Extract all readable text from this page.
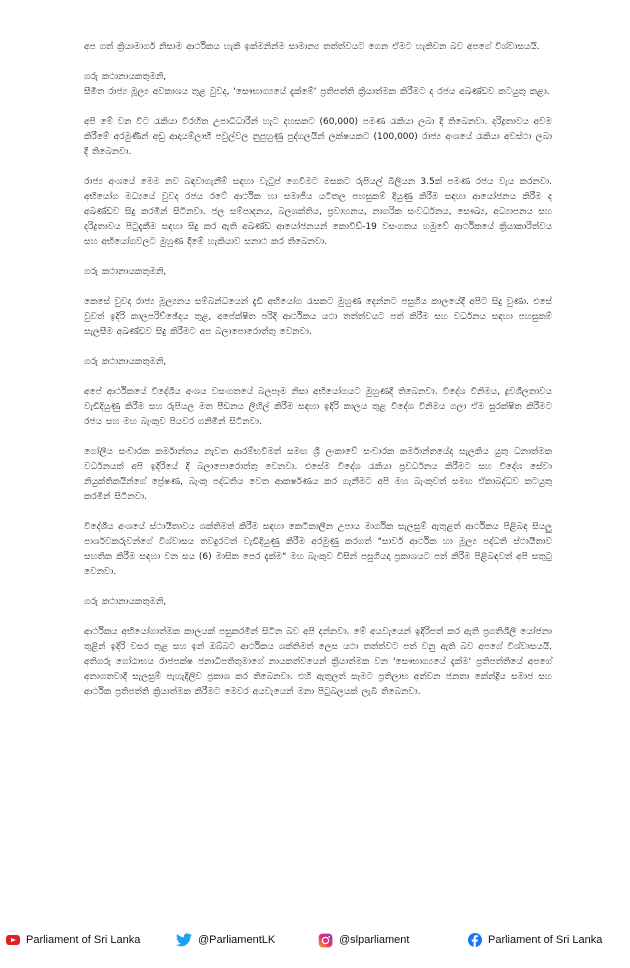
අප ගත් ක්‍රියාමාර්ග නිසාම ආර්ථිකය හැකි ඉක්මනින්ම සාමාන්‍ය තත්ත්වයට ගෙන ඒමට හැකිවන බව අපගේ විශ්වාසයයි.

ගරු කථානායකතුමනි,
සීමිත රාජ්‍ය මූල්‍ය අවකාශය තුළ වුවද, 'සෞභාග්‍යයේ දැක්මේ' ප්‍රතිපත්ති ක්‍රියාත්මක කිරීමට ද රජය අඛණ්ඩව කටයුතු කළා.

අපි මේ වන විට රැකියා විරහිත උපාධිධාරීන් හැට දහසකට (60,000) පමණ රැකියා ලබා දී තිබෙනවා. දරිද්‍රතාවය අවම කිරීමේ අරමුණින් අඩු ආදායම්ලාභී පවුල්වල නුපුහුණු පුද්ගලයින් ලක්ෂයකට (100,000) රාජ්‍ය අංශයේ රැකියා අවස්ථා ලබා දී තිබෙනවා.

රාජ්‍ය අංශයේ මෙම නව බඳවාගැනීම් සඳහා වැටුප් ගෙවීමට මසකට රුපියල් බිලියන 3.5ක් පමණ රජය වැය කරනවා. අභියෝග මධ්‍යයේ වුවද රජය රටේ ආර්ථික හා සමාජීය යටිතල පහසුකම් දියුණු කිරීම සඳහා ආයෝජනය කිරීම ද අඛණ්ඩව සිදු කරමින් සිටිනවා. ජල සම්පාදනය, බලශක්තිය, ප්‍රවාහනය, නාගරික සංවර්ධනය, සෞඛ්‍ය, අධ්‍යාපනය සහ දරිද්‍රතාවය පිටුදැකීම සඳහා සිදු කර ඇති අඛණ්ඩ ආයෝජනයන් කොවිඩ්-19 වසංගතය හමුවේ ආර්ථිකයේ ක්‍රියාකාරිත්වය සහ අභියෝගවලට මුහුණ දීමේ හැකියාව සනාථ කර තිබෙනවා.

ගරු කථානායකතුමනි,

කෙසේ වුවද රාජ්‍ය මූල්‍යනය සම්බන්ධයෙන් දැඩි අභියෝග රැසකට මුහුණ දෙන්නට පසුගිය කාලයේදී අපිට සිදු වුණා. එසේ වුවත් ඉදිරි කාලපරිච්ඡේදය තුළ, අපේක්ෂිත පරිදි ආර්ථිකය යථා තත්ත්වයට පත් කිරීම සහ වර්ධනය සඳහා පහසුකම් සැලසීම අඛණ්ඩව සිදු කිරීමට අප බලාපොරොත්තු වෙනවා.

ගරු කථානායකතුමනි,

අපේ ආර්ථිකයේ විදේශීය අංශය වසංගතයේ බලපෑම නිසා අභියෝගයට මුහුණදී තිබෙනවා. විදේශ විනිමය, ද්‍රවශීලතාවය වැඩිදියුණු කිරීම සහ රුපියල මත පීඩනය ලිහිල් කිරීම සඳහා ඉදිරි කාලය තුළ විදේශ විනිමය ගලා ඒම සුරක්ෂිත කිරීමට රජය සහ මහ බැංකුව පියවර ගනිමින් සිටිනවා.

ගෝලීය සංචාරක කර්මාන්තය නැවත ආරම්භවීමත් සමඟ ශ්‍රී ලංකාවේ සංචාරක කර්මාන්තයේද සැලකිය යුතු ධනාත්මක වර්ධනයක් අපි ඉදිරියේ දී බලාපොරොත්තු වෙනවා. එසේම විදේශ රැකියා ප්‍රවර්ධනය කිරීමට සහ විදේශ සේවා නියුක්තිකයින්ගේ ප්‍රේෂණ, බැංකු පද්ධතිය වෙත ආකර්ෂණය කර ගැනීමට අපි මහ බැංකුවත් සමඟ ඒකාබද්ධව කටයුතු කරමින් සිටිනවා.

විදේශීය අංශයේ ස්ථායීතාවය ශක්තිමත් කිරීම සඳහා කෙටිකාලීන උපාය මාර්ගික සැලසුම් ඇතුළත් ආර්ථිකය පිළිබඳ සියලු පාර්ශවකරුවන්ගේ විශ්වාසය තවදුරටත් වැඩිදියුණු කිරීම අරමුණු කරගත් "සාර්ව ආර්ථික හා මූල්‍ය පද්ධති ස්ථායීතාව සහතික කිරීම සඳහා වන සය (6) මාසික පෙර දැක්ම" මහ බැංකුව විසින් පසුගියදා ප්‍රකාශයට පත් කිරීම පිළිබඳවත් අපි සතුටු වෙනවා.

ගරු කථානායකතුමනි,

ආර්ථිකය අභියෝගාත්මක කාලයක් පසුකරමින් සිටින බව අපි දන්නවා. මේ අයවැයෙන් ඉදිරිපත් කර ඇති ප්‍රගතිශීලී යෝජනා තුළින් ඉදිරි වසර තුළ සහ ඉන් ඔබ්බට ආර්ථිකය ශක්තිමත් ලෙස යථා තත්ත්වට පත් වනු ඇති බව අපගේ විශ්වාසයයි. අතිගරු ගෝඨාභය රාජපක්ෂ ජනාධිපතිතුමාගේ නායකත්වයෙන් ක්‍රියාත්මක වන 'සෞභාග්‍යයේ දැක්ම' ප්‍රතිපත්තියේ අපගේ අනාගතවාදී සැලසුම් පැහැදිලිව ප්‍රකාශ කර තිබෙනවා. එහි ඇතුලත් සෑමට ප්‍රතිලාභ අත්වන ජනතා කේන්ද්‍රීය සමාජ සහ ආර්ථික ප්‍රතිපත්ති ක්‍රියාත්මක කිරීමට මෙවර අයවැයෙන් මනා පිටුබලයක් ලැබී තිබෙනවා.

Parliament of Sri Lanka	@ParliamentLK	@slparliament	Parliament of Sri Lanka
